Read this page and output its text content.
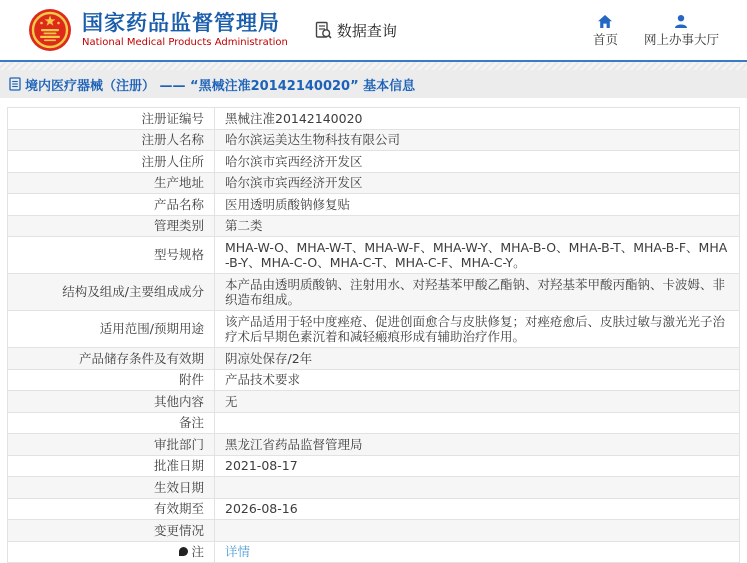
国家药品监督管理局
National Medical Products Administration
数据查询	首页 网上办事大厅
境内医疗器械（注册） —— “黑械注准20142140020” 基本信息
注册证编号	黑械注准20142140020
注册人名称	哈尔滨运美达生物科技有限公司
注册人住所	哈尔滨市宾西经济开发区
生产地址	哈尔滨市宾西经济开发区
产品名称	医用透明质酸钠修复贴
管理类别	第二类
型号规格	MHA-W-O、MHA-W-T、MHA-W-F、MHA-W-Y、MHA-B-O、MHA-B-T、MHA-B-F、MHA-B-Y、MHA-C-O、MHA-C-T、MHA-C-F、MHA-C-Y。
结构及组成/主要组成成分	本产品由透明质酸钠、注射用水、对羟基苯甲酸乙酯钠、对羟基苯甲酸丙酯钠、卡波姆、非织造布组成。
适用范围/预期用途	该产品适用于轻中度痤疮、促进创面愈合与皮肤修复；对痤疮愈后、皮肤过敏与激光光子治疗术后早期色素沉着和减轻瘢痕形成有辅助治疗作用。
产品储存条件及有效期	阴凉处保存/2年
附件	产品技术要求
其他内容	无
备注	
审批部门	黑龙江省药品监督管理局
批准日期	2021-08-17
生效日期	
有效期至	2026-08-16
变更情况	
注	详情
